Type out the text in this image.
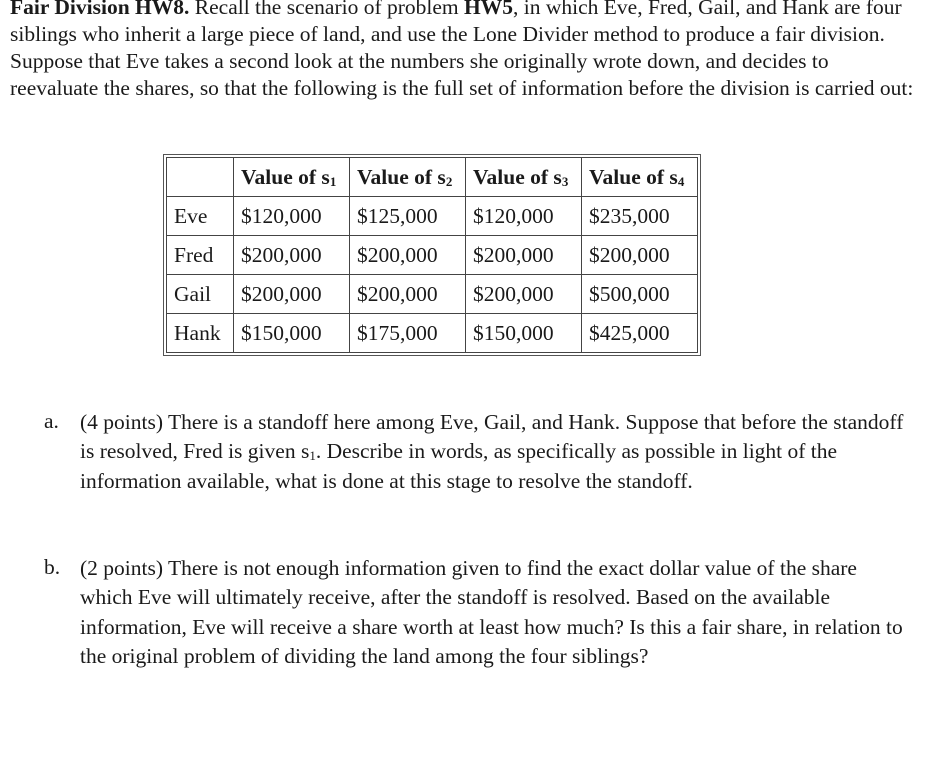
Fair Division HW8. Recall the scenario of problem HW5, in which Eve, Fred, Gail, and Hank are four siblings who inherit a large piece of land, and use the Lone Divider method to produce a fair division. Suppose that Eve takes a second look at the numbers she originally wrote down, and decides to reevaluate the shares, so that the following is the full set of information before the division is carried out:

	Value of $s_1$	Value of $s_2$	Value of $s_3$	Value of $s_4$
Eve	$120,000	$125,000	$120,000	$235,000
Fred	$200,000	$200,000	$200,000	$200,000
Gail	$200,000	$200,000	$200,000	$500,000
Hank	$150,000	$175,000	$150,000	$425,000
a. (4 points) There is a standoff here among Eve, Gail, and Hank. Suppose that before the standoff is resolved, Fred is given $s_1$. Describe in words, as specifically as possible in light of the information available, what is done at this stage to resolve the standoff.
b. (2 points) There is not enough information given to find the exact dollar value of the share which Eve will ultimately receive, after the standoff is resolved. Based on the available information, Eve will receive a share worth at least how much? Is this a fair share, in relation to the original problem of dividing the land among the four siblings?
